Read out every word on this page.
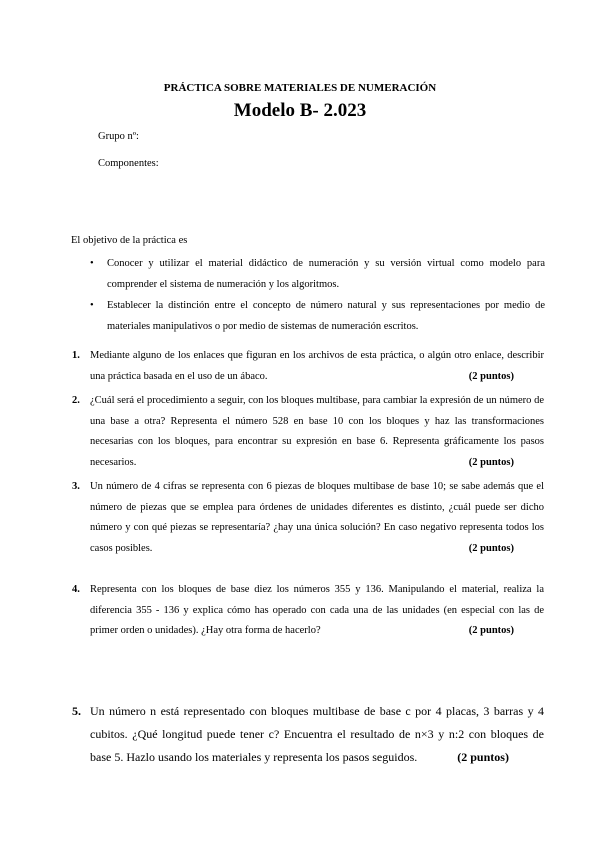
PRÁCTICA SOBRE MATERIALES DE NUMERACIÓN
Modelo B- 2.023
Grupo nº:
Componentes:
El objetivo de la práctica es
• Conocer y utilizar el material didáctico de numeración y su versión virtual como modelo para comprender el sistema de numeración y los algoritmos.
• Establecer la distinción entre el concepto de número natural y sus representaciones por medio de materiales manipulativos o por medio de sistemas de numeración escritos.
1. Mediante alguno de los enlaces que figuran en los archivos de esta práctica, o algún otro enlace, describir una práctica basada en el uso de un ábaco.	(2 puntos)
2. ¿Cuál será el procedimiento a seguir, con los bloques multibase, para cambiar la expresión de un número de una base a otra? Representa el número 528 en base 10 con los bloques y haz las transformaciones necesarias con los bloques, para encontrar su expresión en base 6. Representa gráficamente los pasos necesarios.	(2 puntos)
3. Un número de 4 cifras se representa con 6 piezas de bloques multibase de base 10; se sabe además que el número de piezas que se emplea para órdenes de unidades diferentes es distinto, ¿cuál puede ser dicho número y con qué piezas se representaría? ¿hay una única solución? En caso negativo representa todos los casos posibles.	(2 puntos)
4. Representa con los bloques de base diez los números 355 y 136. Manipulando el material, realiza la diferencia 355 - 136 y explica cómo has operado con cada una de las unidades (en especial con las de primer orden o unidades). ¿Hay otra forma de hacerlo?	(2 puntos)
5. Un número n está representado con bloques multibase de base c por 4 placas, 3 barras y 4 cubitos. ¿Qué longitud puede tener c? Encuentra el resultado de n×3 y n:2 con bloques de base 5. Hazlo usando los materiales y representa los pasos seguidos.	(2 puntos)
